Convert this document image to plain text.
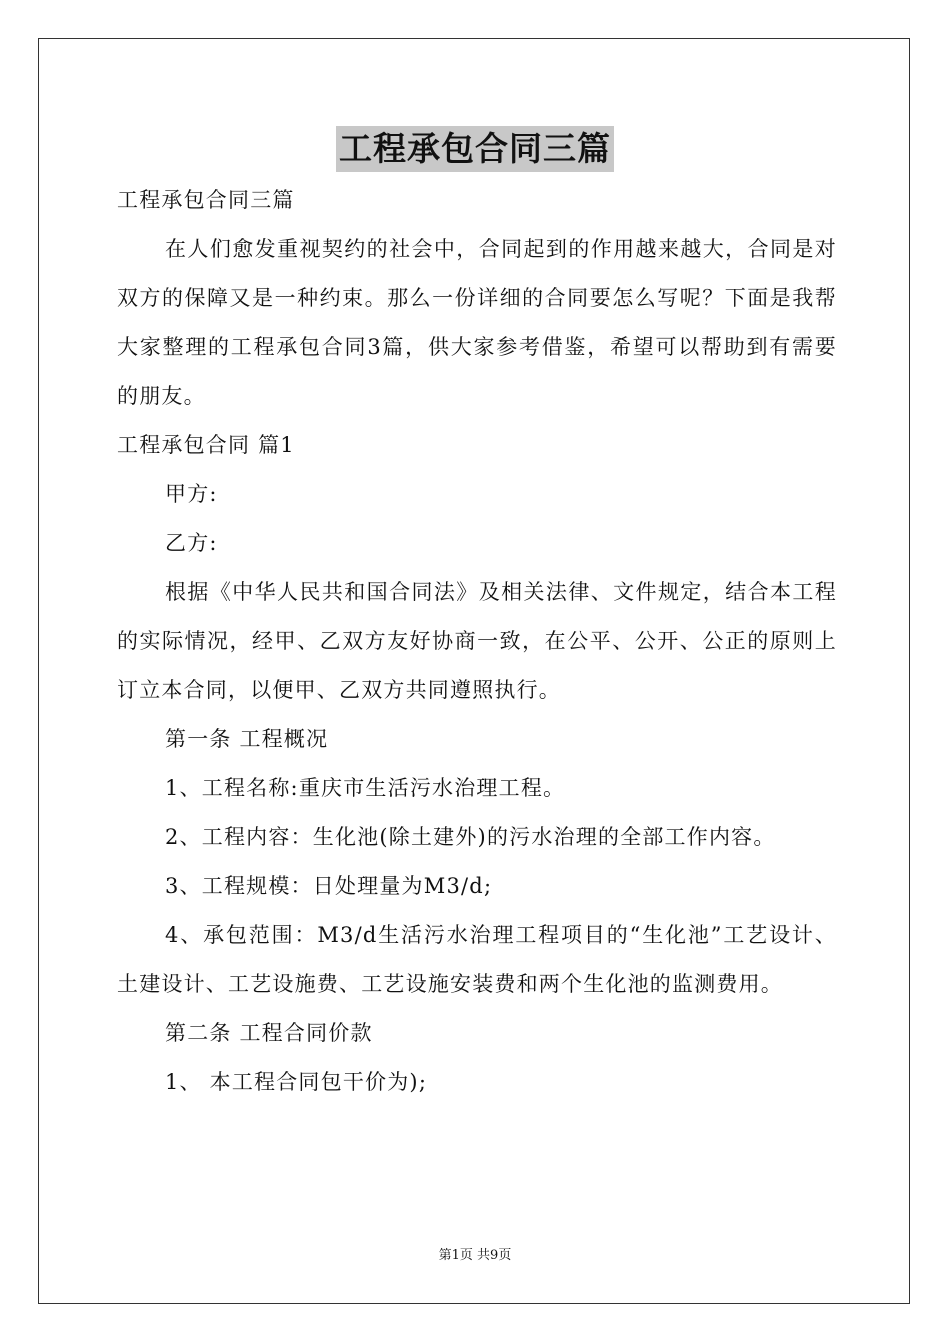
工程承包合同三篇

工程承包合同三篇

在人们愈发重视契约的社会中，合同起到的作用越来越大，合同是对双方的保障又是一种约束。那么一份详细的合同要怎么写呢？下面是我帮大家整理的工程承包合同3篇，供大家参考借鉴，希望可以帮助到有需要的朋友。

工程承包合同 篇1

甲方:

乙方:

根据《中华人民共和国合同法》及相关法律、文件规定，结合本工程的实际情况，经甲、乙双方友好协商一致，在公平、公开、公正的原则上订立本合同，以便甲、乙双方共同遵照执行。

第一条 工程概况

1、工程名称:重庆市生活污水治理工程。

2、工程内容：生化池(除土建外)的污水治理的全部工作内容。

3、工程规模：日处理量为M3/d;

4、承包范围：M3/d生活污水治理工程项目的“生化池”工艺设计、土建设计、工艺设施费、工艺设施安装费和两个生化池的监测费用。

第二条 工程合同价款

1、 本工程合同包干价为);

第1页 共9页
